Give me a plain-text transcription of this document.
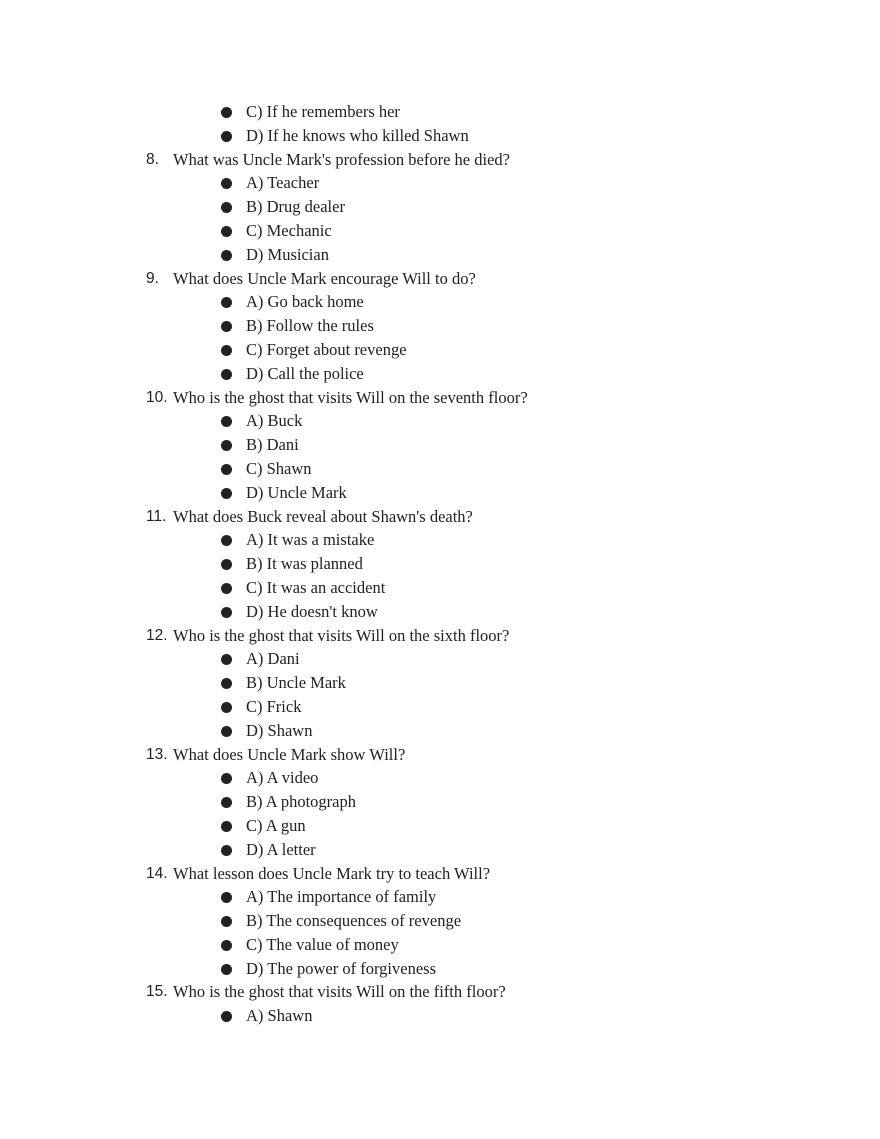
C) If he remembers her
D) If he knows who killed Shawn
8. What was Uncle Mark's profession before he died?
A) Teacher
B) Drug dealer
C) Mechanic
D) Musician
9. What does Uncle Mark encourage Will to do?
A) Go back home
B) Follow the rules
C) Forget about revenge
D) Call the police
10. Who is the ghost that visits Will on the seventh floor?
A) Buck
B) Dani
C) Shawn
D) Uncle Mark
11. What does Buck reveal about Shawn's death?
A) It was a mistake
B) It was planned
C) It was an accident
D) He doesn't know
12. Who is the ghost that visits Will on the sixth floor?
A) Dani
B) Uncle Mark
C) Frick
D) Shawn
13. What does Uncle Mark show Will?
A) A video
B) A photograph
C) A gun
D) A letter
14. What lesson does Uncle Mark try to teach Will?
A) The importance of family
B) The consequences of revenge
C) The value of money
D) The power of forgiveness
15. Who is the ghost that visits Will on the fifth floor?
A) Shawn
